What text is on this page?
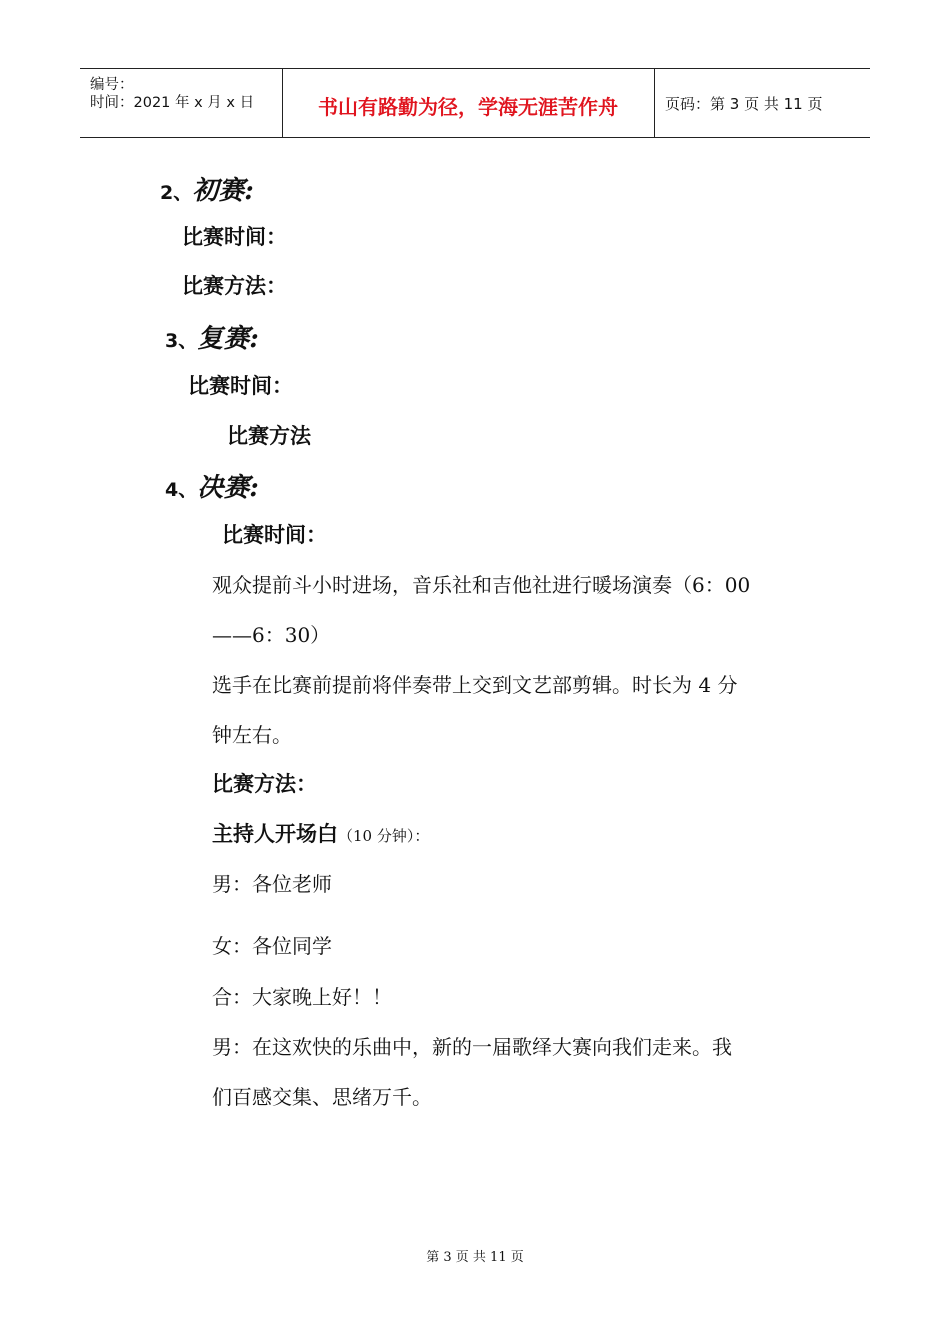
编号：
时间：2021 年 x 月 x 日	书山有路勤为径，学海无涯苦作舟	页码：第 3 页 共 11 页
2、初赛:
比赛时间：
比赛方法：
3、复赛:
比赛时间：
比赛方法
4、决赛:
比赛时间：
观众提前斗小时进场，音乐社和吉他社进行暖场演奏（6：00
——6：30）
选手在比赛前提前将伴奏带上交到文艺部剪辑。时长为 4 分
钟左右。
比赛方法：
主持人开场白（10 分钟）：
男：各位老师
女：各位同学
合：大家晚上好！！
男：在这欢快的乐曲中，新的一届歌绎大赛向我们走来。我
们百感交集、思绪万千。
第 3 页 共 11 页
